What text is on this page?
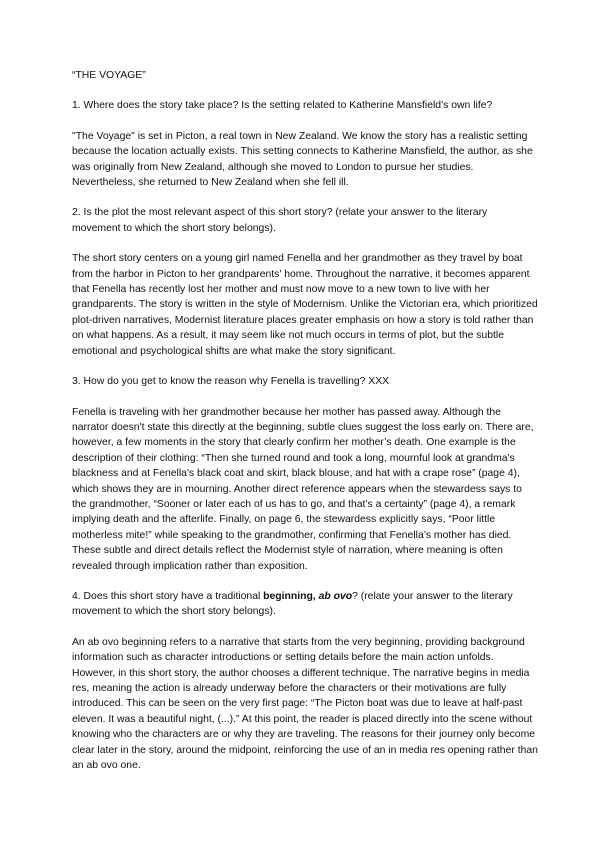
“THE VOYAGE”

1. Where does the story take place? Is the setting related to Katherine Mansfield’s own life?

"The Voyage" is set in Picton, a real town in New Zealand. We know the story has a realistic setting because the location actually exists. This setting connects to Katherine Mansfield, the author, as she was originally from New Zealand, although she moved to London to pursue her studies. Nevertheless, she returned to New Zealand when she fell ill.

2. Is the plot the most relevant aspect of this short story? (relate your answer to the literary movement to which the short story belongs).

The short story centers on a young girl named Fenella and her grandmother as they travel by boat from the harbor in Picton to her grandparents' home. Throughout the narrative, it becomes apparent that Fenella has recently lost her mother and must now move to a new town to live with her grandparents. The story is written in the style of Modernism. Unlike the Victorian era, which prioritized plot-driven narratives, Modernist literature places greater emphasis on how a story is told rather than on what happens. As a result, it may seem like not much occurs in terms of plot, but the subtle emotional and psychological shifts are what make the story significant.

3. How do you get to know the reason why Fenella is travelling? XXX

Fenella is traveling with her grandmother because her mother has passed away. Although the narrator doesn't state this directly at the beginning, subtle clues suggest the loss early on. There are, however, a few moments in the story that clearly confirm her mother’s death. One example is the description of their clothing: “Then she turned round and took a long, mournful look at grandma's blackness and at Fenella's black coat and skirt, black blouse, and hat with a crape rose” (page 4), which shows they are in mourning. Another direct reference appears when the stewardess says to the grandmother, “Sooner or later each of us has to go, and that’s a certainty” (page 4), a remark implying death and the afterlife. Finally, on page 6, the stewardess explicitly says, “Poor little motherless mite!” while speaking to the grandmother, confirming that Fenella’s mother has died. These subtle and direct details reflect the Modernist style of narration, where meaning is often revealed through implication rather than exposition.

4. Does this short story have a traditional beginning, ab ovo? (relate your answer to the literary movement to which the short story belongs).

An ab ovo beginning refers to a narrative that starts from the very beginning, providing background information such as character introductions or setting details before the main action unfolds. However, in this short story, the author chooses a different technique. The narrative begins in media res, meaning the action is already underway before the characters or their motivations are fully introduced. This can be seen on the very first page: “The Picton boat was due to leave at half-past eleven. It was a beautiful night, (...).” At this point, the reader is placed directly into the scene without knowing who the characters are or why they are traveling. The reasons for their journey only become clear later in the story, around the midpoint, reinforcing the use of an in media res opening rather than an ab ovo one.
